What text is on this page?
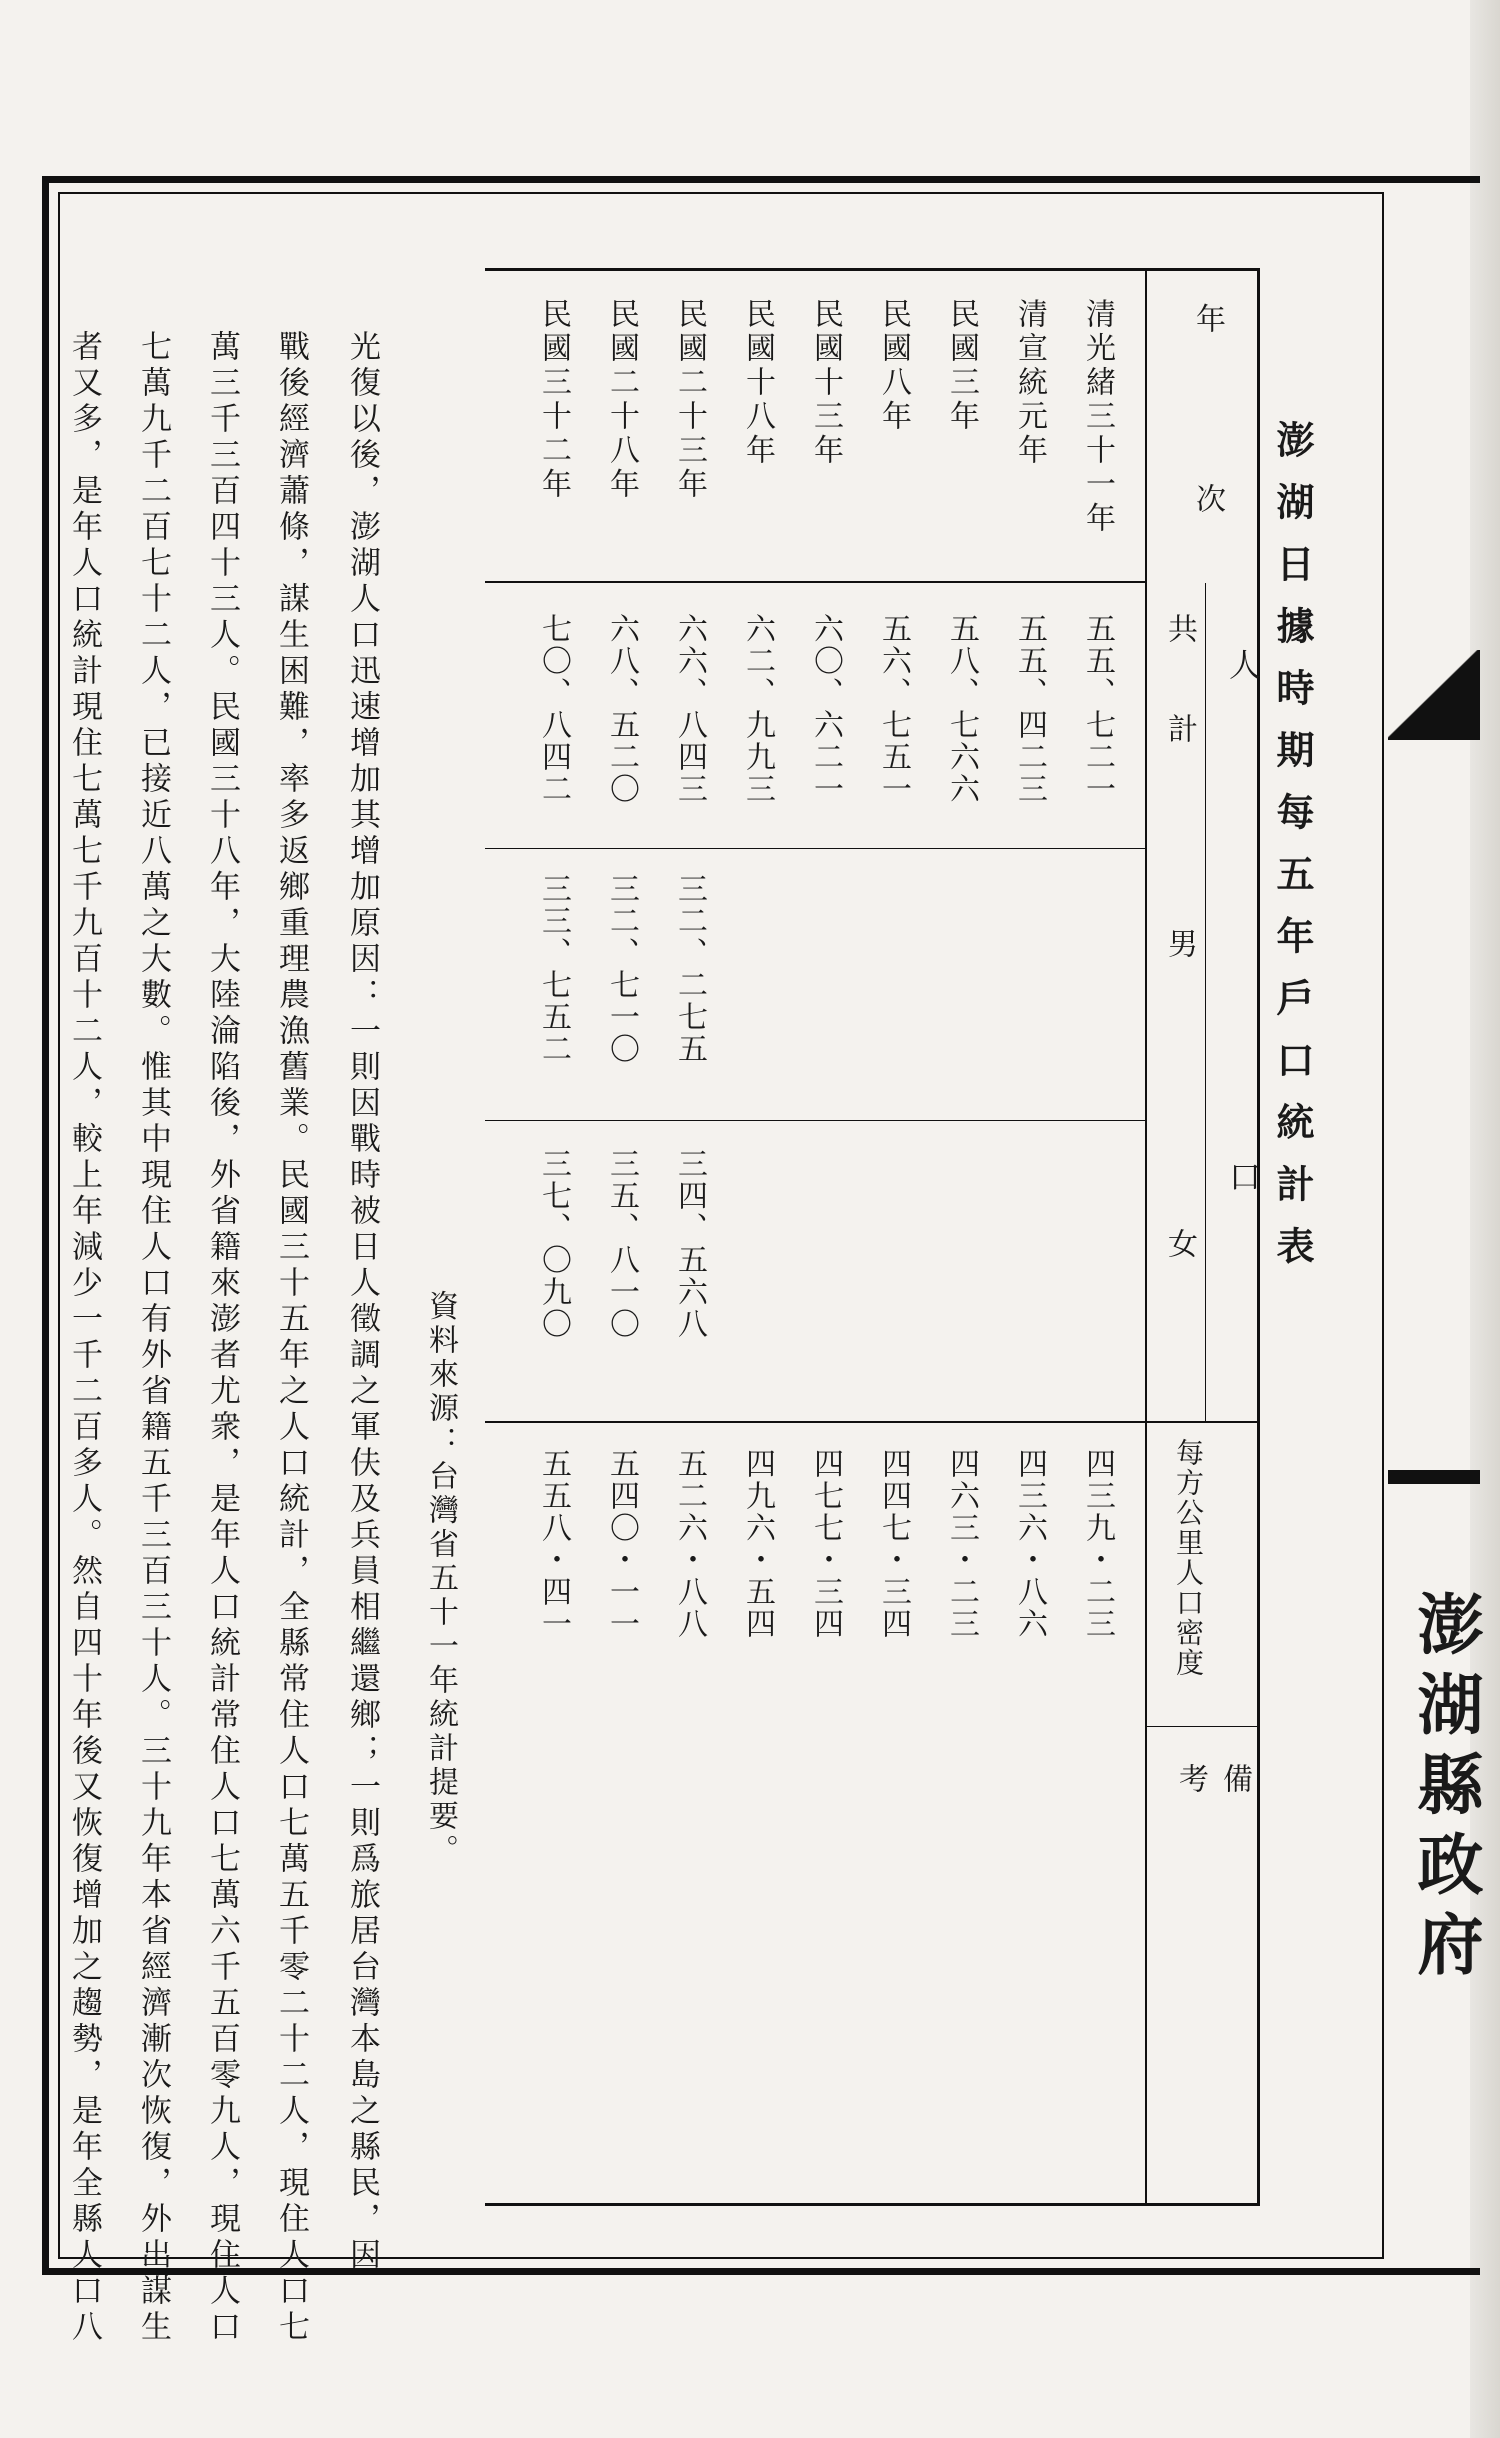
澎湖日據時期每五年戶口統計表
澎湖縣政府
年次
人口
共計
男
女
每方公里人口密度
備考
清光緒三十一年
五五、七二一
四三九・二三
清宣統元年
五五、四二三
四三六・八六
民國三年
五八、七六六
四六三・二三
民國八年
五六、七五一
四四七・三四
民國十三年
六〇、六二一
四七七・三四
民國十八年
六二、九九三
四九六・五四
民國二十三年
六六、八四三
三二、二七五
三四、五六八
五二六・八八
民國二十八年
六八、五二〇
三二、七一〇
三五、八一〇
五四〇・一一
民國三十二年
七〇、八四二
三三、七五二
三七、〇九〇
五五八・四一
資料來源：台灣省五十一年統計提要。
光復以後，澎湖人口迅速增加其增加原因：一則因戰時被日人徵調之軍伕及兵員相繼還鄉；一則爲旅居台灣本島之縣民，因
戰後經濟蕭條，謀生困難，率多返鄉重理農漁舊業。民國三十五年之人口統計，全縣常住人口七萬五千零二十二人，現住人口七
萬三千三百四十三人。民國三十八年，大陸淪陷後，外省籍來澎者尤衆，是年人口統計常住人口七萬六千五百零九人，現住人口
七萬九千二百七十二人，已接近八萬之大數。惟其中現住人口有外省籍五千三百三十人。三十九年本省經濟漸次恢復，外出謀生
者又多，是年人口統計現住七萬七千九百十二人，較上年減少一千二百多人。然自四十年後又恢復增加之趨勢，是年全縣人口八
